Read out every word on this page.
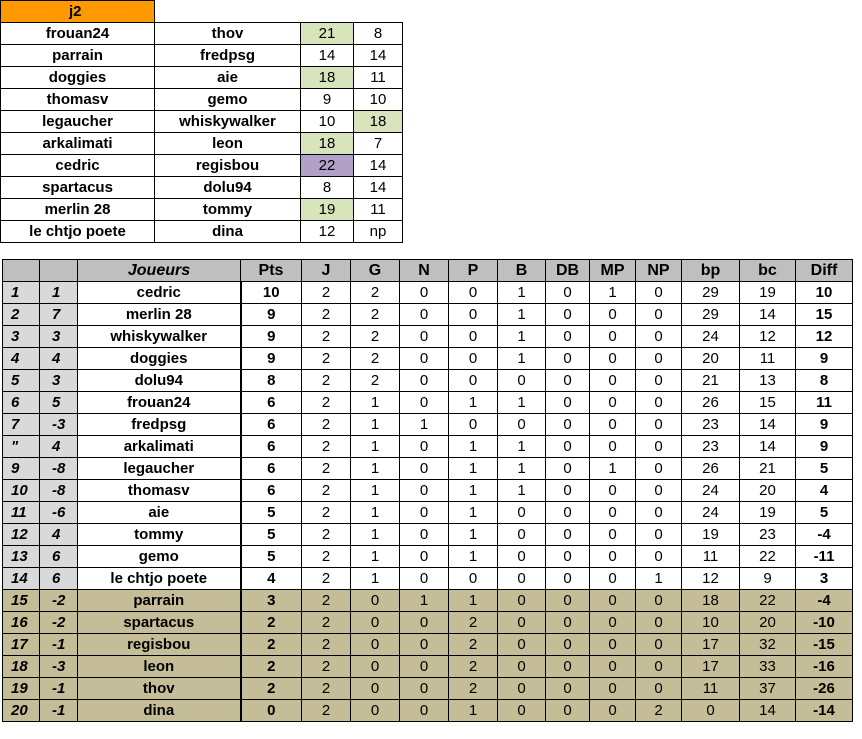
j2			
frouan24	thov	21	8
parrain	fredpsg	14	14
doggies	aie	18	11
thomasv	gemo	9	10
legaucher	whiskywalker	10	18
arkalimati	leon	18	7
cedric	regisbou	22	14
spartacus	dolu94	8	14
merlin 28	tommy	19	11
le chtjo poete	dina	12	np
		Joueurs	Pts	J	G	N	P	B	DB	MP	NP	bp	bc	Diff
1	1	cedric	10	2	2	0	0	1	0	1	0	29	19	10
2	7	merlin 28	9	2	2	0	0	1	0	0	0	29	14	15
3	3	whiskywalker	9	2	2	0	0	1	0	0	0	24	12	12
4	4	doggies	9	2	2	0	0	1	0	0	0	20	11	9
5	3	dolu94	8	2	2	0	0	0	0	0	0	21	13	8
6	5	frouan24	6	2	1	0	1	1	0	0	0	26	15	11
7	-3	fredpsg	6	2	1	1	0	0	0	0	0	23	14	9
"	4	arkalimati	6	2	1	0	1	1	0	0	0	23	14	9
9	-8	legaucher	6	2	1	0	1	1	0	1	0	26	21	5
10	-8	thomasv	6	2	1	0	1	1	0	0	0	24	20	4
11	-6	aie	5	2	1	0	1	0	0	0	0	24	19	5
12	4	tommy	5	2	1	0	1	0	0	0	0	19	23	-4
13	6	gemo	5	2	1	0	1	0	0	0	0	11	22	-11
14	6	le chtjo poete	4	2	1	0	0	0	0	0	1	12	9	3
15	-2	parrain	3	2	0	1	1	0	0	0	0	18	22	-4
16	-2	spartacus	2	2	0	0	2	0	0	0	0	10	20	-10
17	-1	regisbou	2	2	0	0	2	0	0	0	0	17	32	-15
18	-3	leon	2	2	0	0	2	0	0	0	0	17	33	-16
19	-1	thov	2	2	0	0	2	0	0	0	0	11	37	-26
20	-1	dina	0	2	0	0	1	0	0	0	2	0	14	-14
